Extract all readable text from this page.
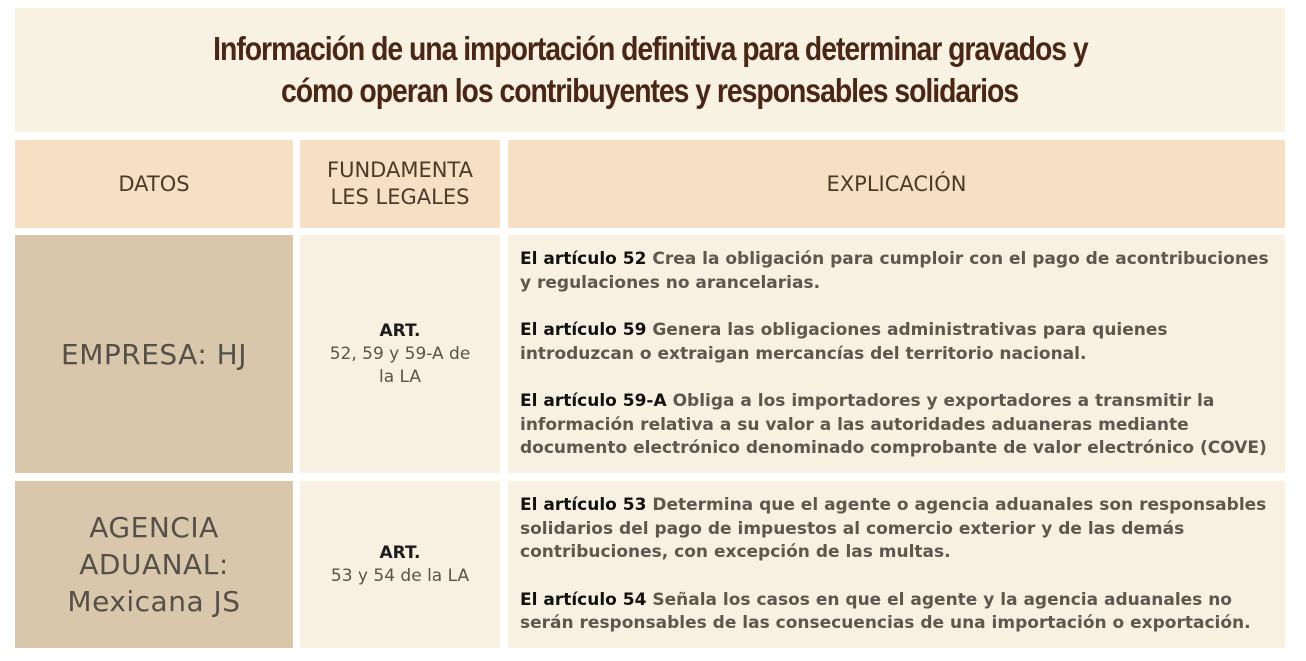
Información de una importación definitiva para determinar gravados y
cómo operan los contribuyentes y responsables solidarios
DATOS
FUNDAMENTA
LES LEGALES
EXPLICACIÓN
EMPRESA: HJ
ART.
52, 59 y 59-A de
la LA

El artículo 52 Crea la obligación para cumploir con el pago de acontribuciones y regulaciones no arancelarias.

El artículo 59 Genera las obligaciones administrativas para quienes introduzcan o extraigan mercancías del territorio nacional.

El artículo 59-A Obliga a los importadores y exportadores a transmitir la información relativa a su valor a las autoridades aduaneras mediante documento electrónico denominado comprobante de valor electrónico (COVE)

AGENCIA
ADUANAL:
Mexicana JS
ART.
53 y 54 de la LA

El artículo 53 Determina que el agente o agencia aduanales son responsables solidarios del pago de impuestos al comercio exterior y de las demás contribuciones, con excepción de las multas.

El artículo 54 Señala los casos en que el agente y la agencia aduanales no serán responsables de las consecuencias de una importación o exportación.
